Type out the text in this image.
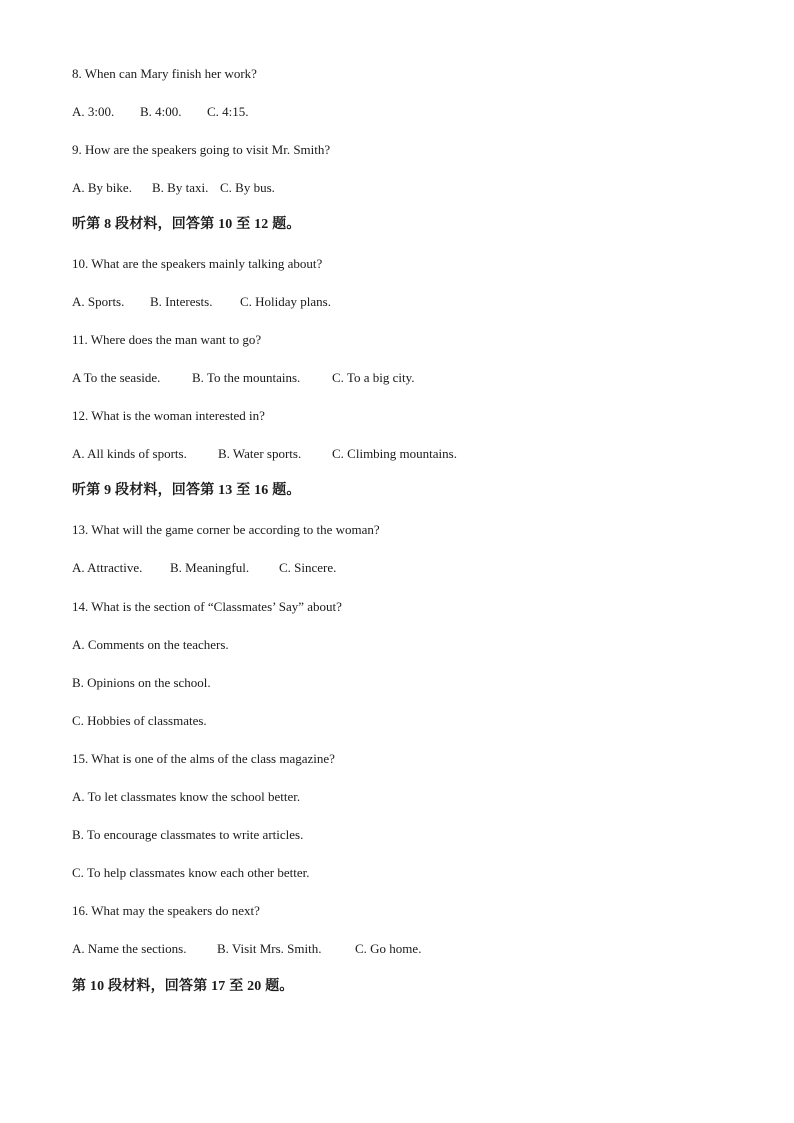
8. When can Mary finish her work?
A. 3:00. B. 4:00. C. 4:15.
9. How are the speakers going to visit Mr. Smith?
A. By bike. B. By taxi. C. By bus.
听第 8 段材料，回答第 10 至 12 题。
10. What are the speakers mainly talking about?
A. Sports. B. Interests. C. Holiday plans.
11. Where does the man want to go?
A To the seaside. B. To the mountains. C. To a big city.
12. What is the woman interested in?
A. All kinds of sports. B. Water sports. C. Climbing mountains.
听第 9 段材料，回答第 13 至 16 题。
13. What will the game corner be according to the woman?
A. Attractive. B. Meaningful. C. Sincere.
14. What is the section of “Classmates’ Say” about?
A. Comments on the teachers.
B. Opinions on the school.
C. Hobbies of classmates.
15. What is one of the alms of the class magazine?
A. To let classmates know the school better.
B. To encourage classmates to write articles.
C. To help classmates know each other better.
16. What may the speakers do next?
A. Name the sections. B. Visit Mrs. Smith.	C. Go home.
第 10 段材料，回答第 17 至 20 题。
